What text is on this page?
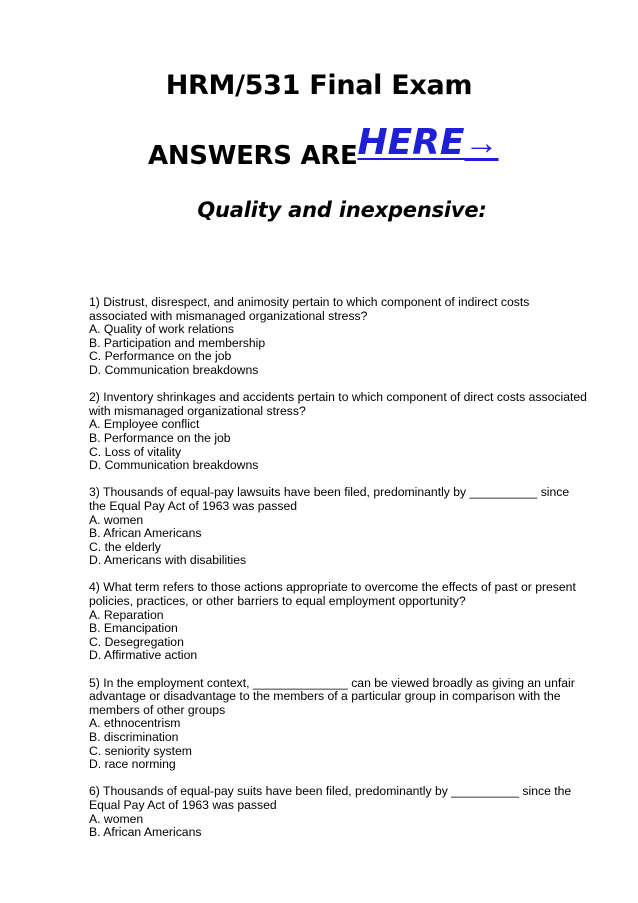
HRM/531 Final Exam
ANSWERS AREHERE→
Quality and inexpensive:
1) Distrust, disrespect, and animosity pertain to which component of indirect costs associated with mismanaged organizational stress?
A. Quality of work relations
B. Participation and membership
C. Performance on the job
D. Communication breakdowns
2) Inventory shrinkages and accidents pertain to which component of direct costs associated with mismanaged organizational stress?
A. Employee conflict
B. Performance on the job
C. Loss of vitality
D. Communication breakdowns
3) Thousands of equal-pay lawsuits have been filed, predominantly by __________ since the Equal Pay Act of 1963 was passed
A. women
B. African Americans
C. the elderly
D. Americans with disabilities
4) What term refers to those actions appropriate to overcome the effects of past or present policies, practices, or other barriers to equal employment opportunity?
A. Reparation
B. Emancipation
C. Desegregation
D. Affirmative action
5) In the employment context, ______________ can be viewed broadly as giving an unfair advantage or disadvantage to the members of a particular group in comparison with the members of other groups
A. ethnocentrism
B. discrimination
C. seniority system
D. race norming
6) Thousands of equal-pay suits have been filed, predominantly by __________ since the Equal Pay Act of 1963 was passed
A. women
B. African Americans
